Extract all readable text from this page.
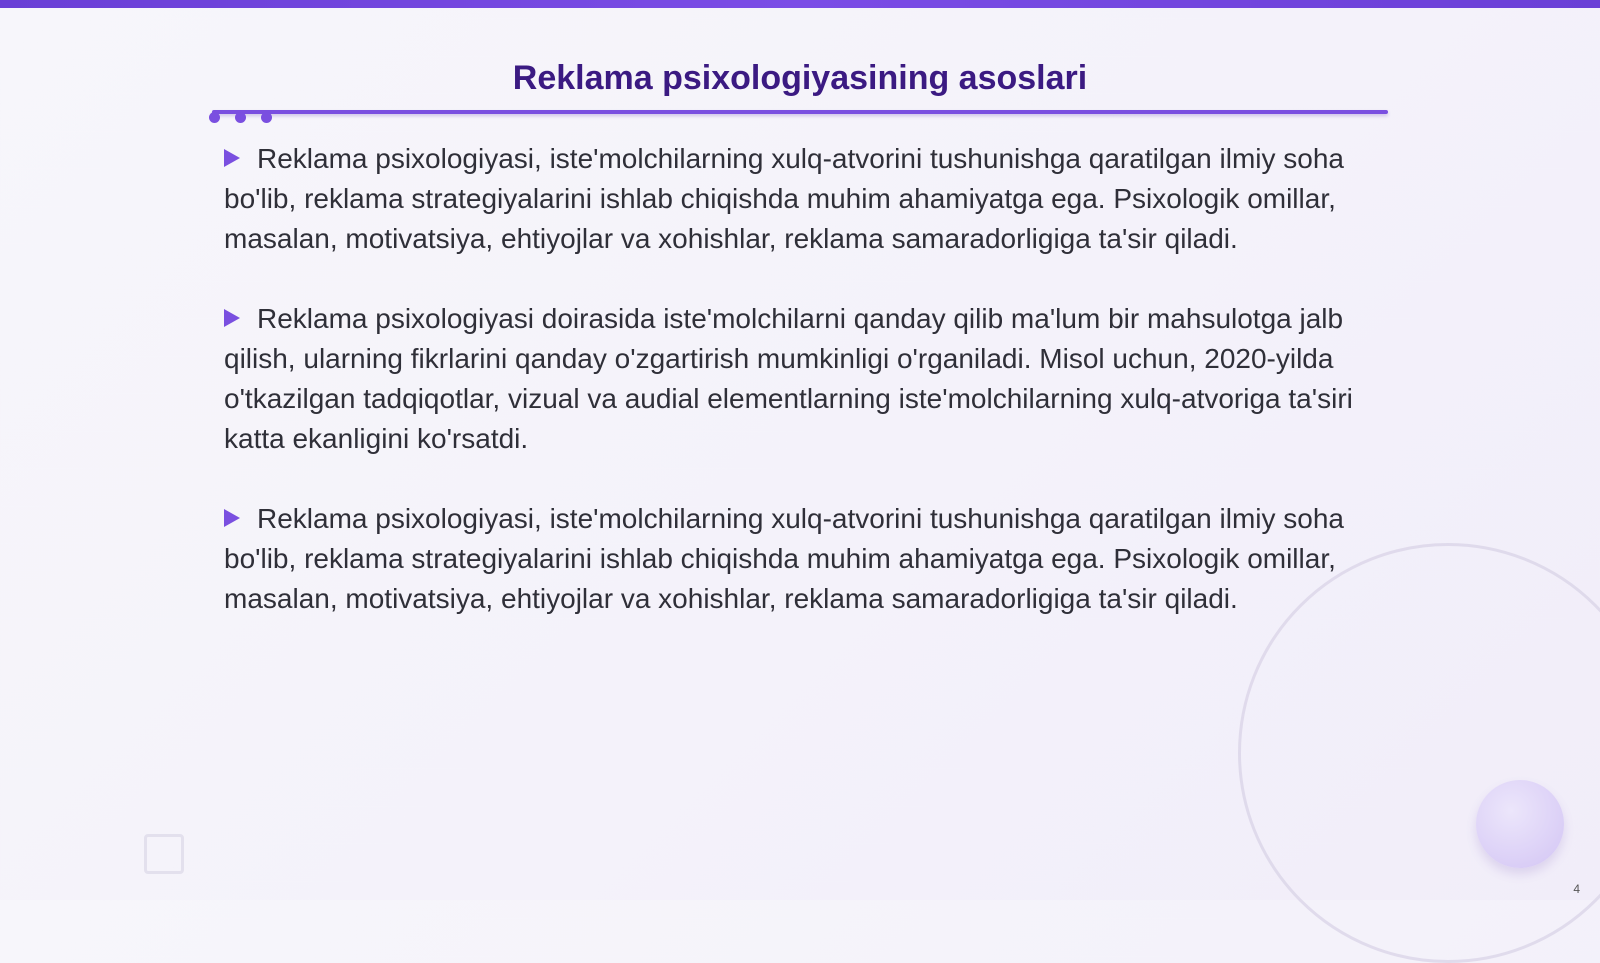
Reklama psixologiyasining asoslari

Reklama psixologiyasi, iste'molchilarning xulq-atvorini tushunishga qaratilgan ilmiy soha bo'lib, reklama strategiyalarini ishlab chiqishda muhim ahamiyatga ega. Psixologik omillar, masalan, motivatsiya, ehtiyojlar va xohishlar, reklama samaradorligiga ta'sir qiladi.

Reklama psixologiyasi doirasida iste'molchilarni qanday qilib ma'lum bir mahsulotga jalb qilish, ularning fikrlarini qanday o'zgartirish mumkinligi o'rganiladi. Misol uchun, 2020-yilda o'tkazilgan tadqiqotlar, vizual va audial elementlarning iste'molchilarning xulq-atvoriga ta'siri katta ekanligini ko'rsatdi.

Reklama psixologiyasi, iste'molchilarning xulq-atvorini tushunishga qaratilgan ilmiy soha bo'lib, reklama strategiyalarini ishlab chiqishda muhim ahamiyatga ega. Psixologik omillar, masalan, motivatsiya, ehtiyojlar va xohishlar, reklama samaradorligiga ta'sir qiladi.

4
